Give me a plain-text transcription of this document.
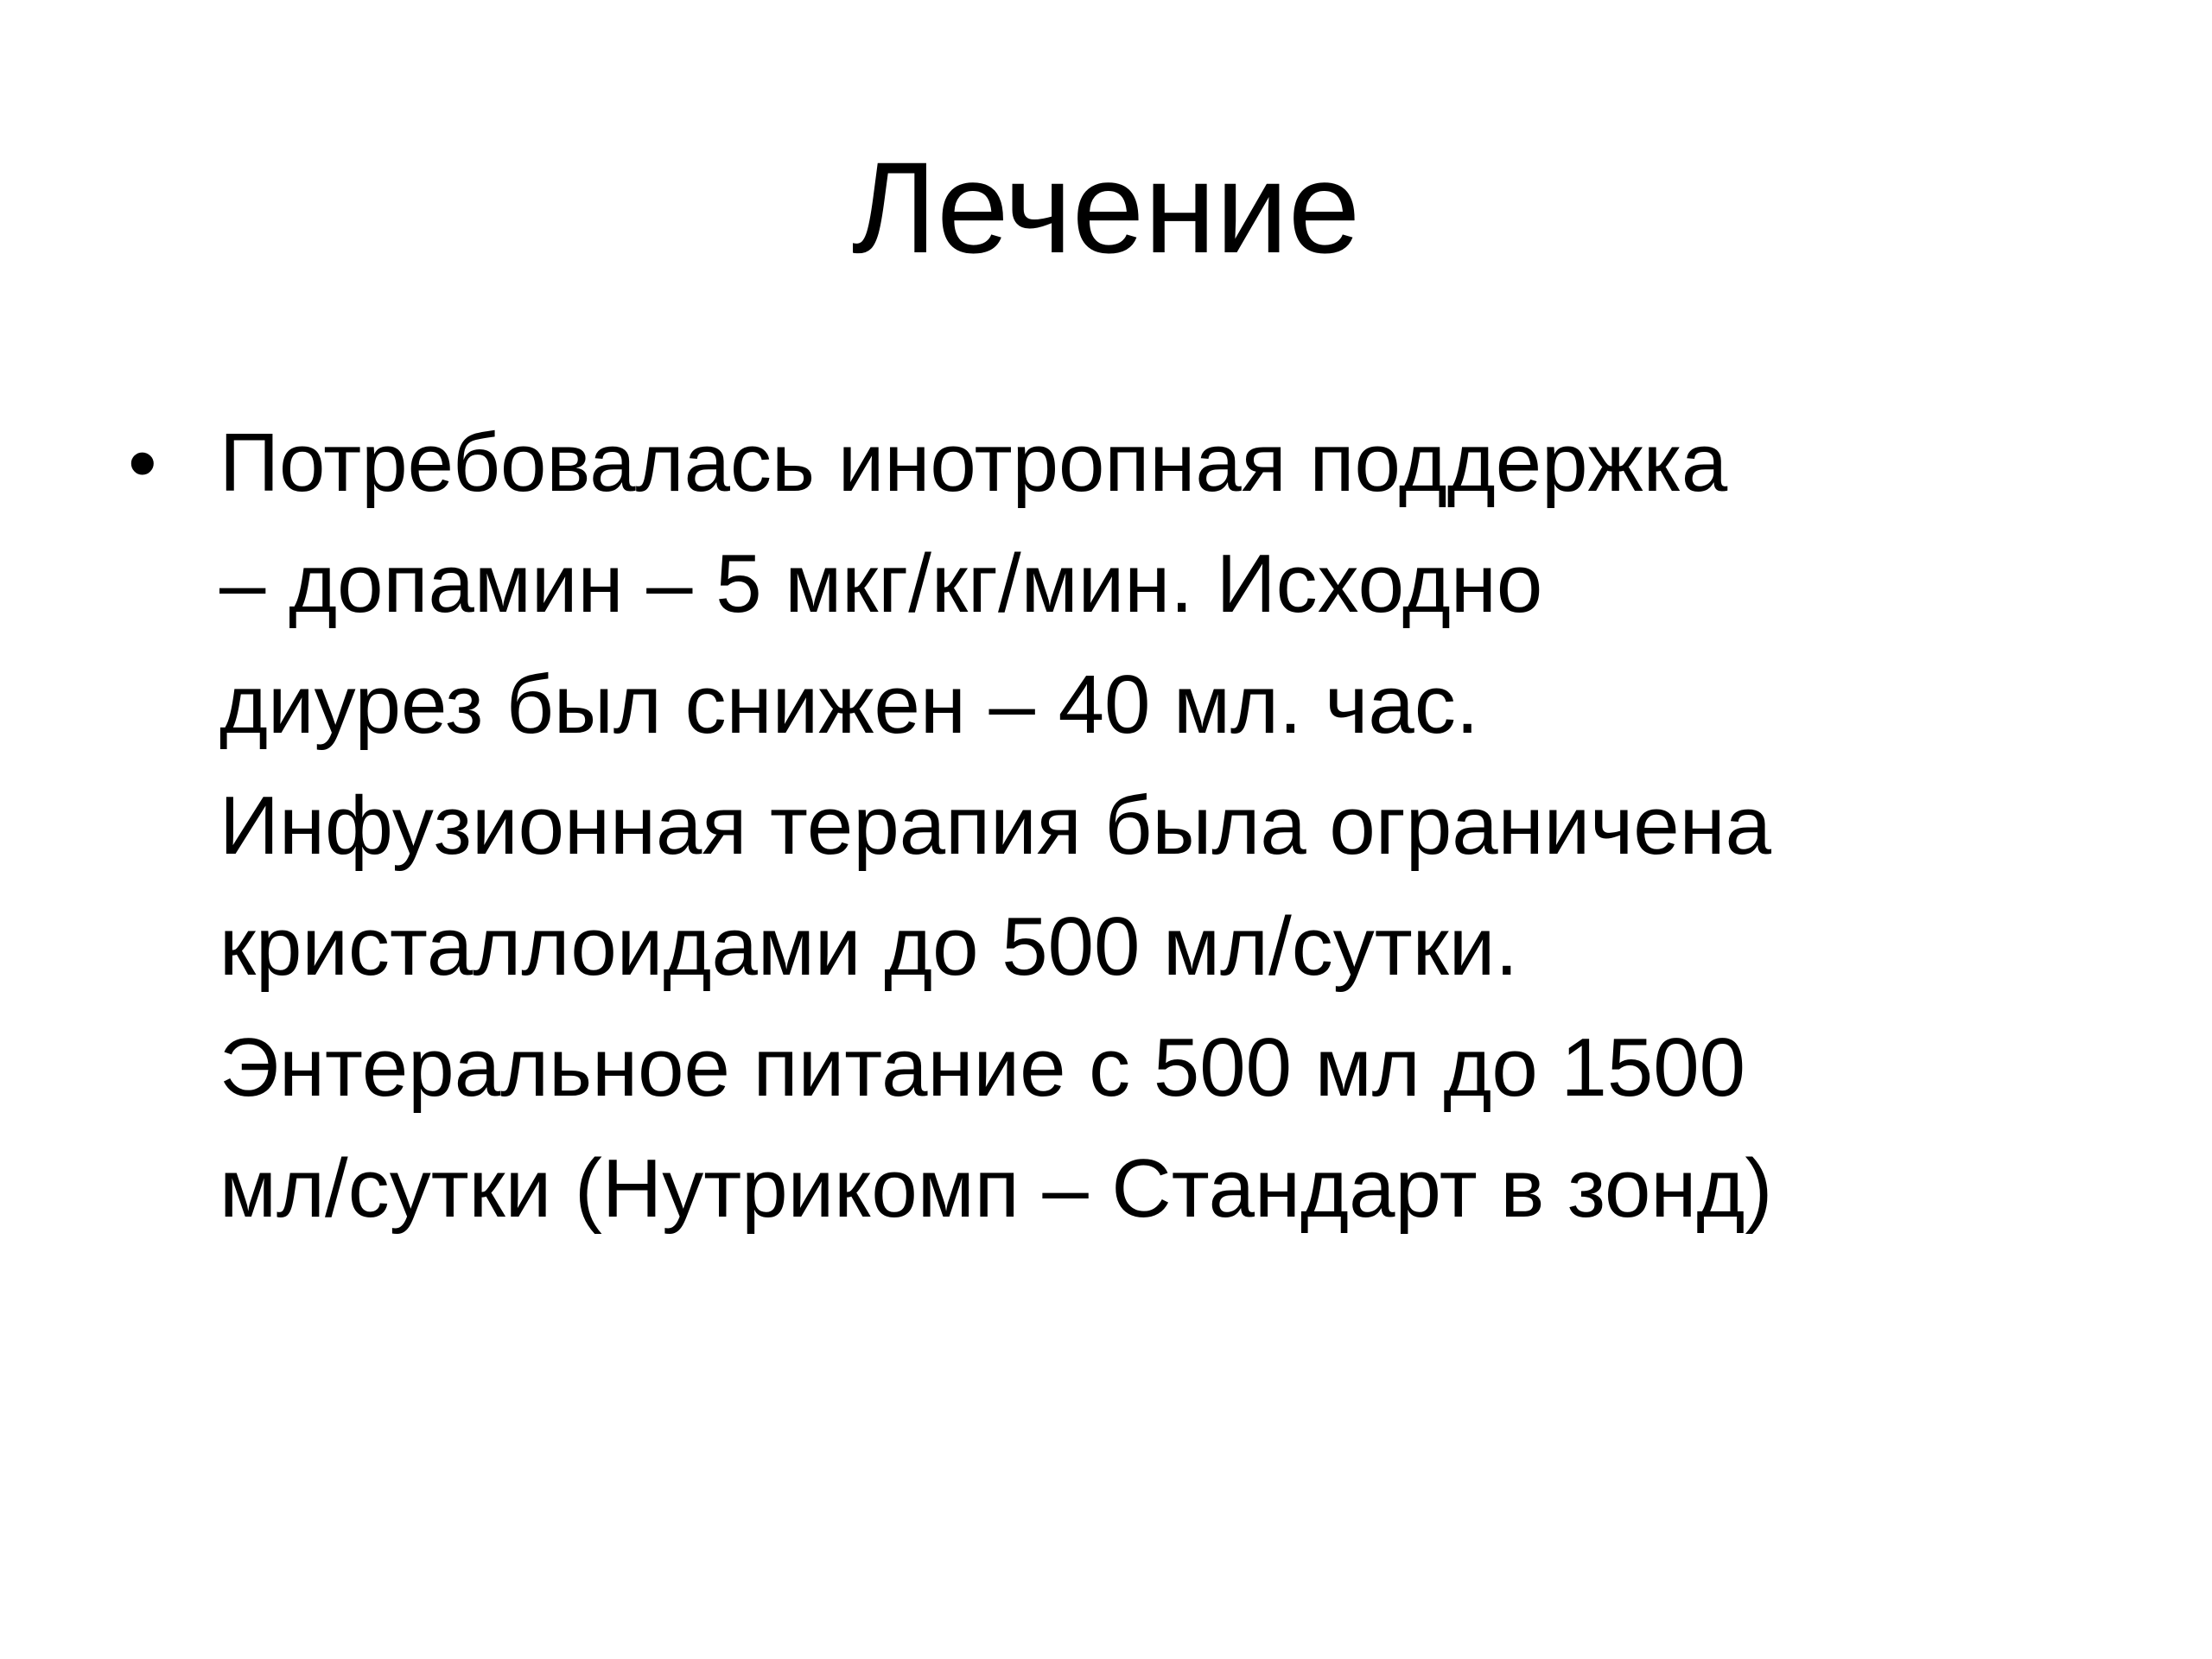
Лечение
• Потребовалась инотропная поддержка
– допамин – 5 мкг/кг/мин. Исходно
диурез был снижен – 40 мл. час.
Инфузионная терапия была ограничена
кристаллоидами до 500 мл/сутки.
Энтеральное питание с 500 мл до 1500
мл/сутки (Нутрикомп – Стандарт в зонд)
